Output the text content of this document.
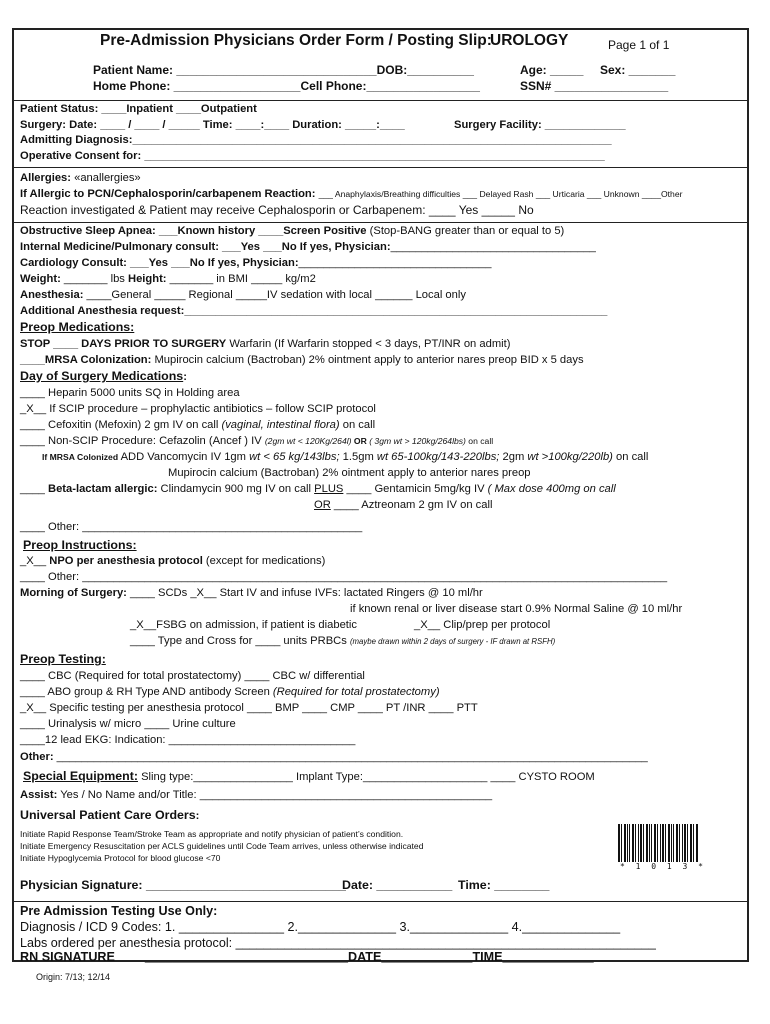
Pre-Admission Physicians Order Form / Posting Slip:
UROLOGY	Page 1 of 1
Patient Name: ______________________________DOB:__________	Age: _____ Sex: _______
Home Phone: ___________________Cell Phone:_________________	SSN# _________________
Patient Status: ____Inpatient ____Outpatient
Surgery: Date: ____ / ____ / _____ Time: ____:____ Duration: _____:____	Surgery Facility: _____________
Admitting Diagnosis:_____________________________________________________________________________
Operative Consent for: __________________________________________________________________________
Allergies: «anallergies»
If Allergic to PCN/Cephalosporin/carbapenem Reaction: ___ Anaphylaxis/Breathing difficulties ___ Delayed Rash ___ Urticaria ___ Unknown ____Other
Reaction investigated & Patient may receive Cephalosporin or Carbapenem: ____ Yes _____ No
Obstructive Sleep Apnea: ___Known history ____Screen Positive (Stop-BANG greater than or equal to 5)
Internal Medicine/Pulmonary consult: ___Yes ___No If yes, Physician:_________________________________
Cardiology Consult: ___Yes ___No If yes, Physician:_______________________________
Weight: _______ lbs Height: _______ in BMI _____ kg/m2
Anesthesia: ____General _____ Regional _____IV sedation with local ______ Local only
Additional Anesthesia request:____________________________________________________________________
Preop Medications:
STOP ____ DAYS PRIOR TO SURGERY Warfarin (If Warfarin stopped < 3 days, PT/INR on admit)
____MRSA Colonization: Mupirocin calcium (Bactroban) 2% ointment apply to anterior nares preop BID x 5 days
Day of Surgery Medications:
____ Heparin 5000 units SQ in Holding area
_X__ If SCIP procedure – prophylactic antibiotics – follow SCIP protocol
____ Cefoxitin (Mefoxin) 2 gm IV on call (vaginal, intestinal flora) on call
____ Non-SCIP Procedure: Cefazolin (Ancef ) IV (2gm wt < 120Kg/264l) OR ( 3gm wt > 120kg/264lbs) on call
If MRSA Colonized ADD Vancomycin IV 1gm wt < 65 kg/143lbs; 1.5gm wt 65-100kg/143-220lbs; 2gm wt >100kg/220lb) on call
Mupirocin calcium (Bactroban) 2% ointment apply to anterior nares preop
____ Beta-lactam allergic: Clindamycin 900 mg IV on call PLUS ____ Gentamicin 5mg/kg IV ( Max dose 400mg on call
OR ____ Aztreonam 2 gm IV on call
____ Other: _____________________________________________
Preop Instructions:
_X__ NPO per anesthesia protocol (except for medications)
____ Other: ______________________________________________________________________________________________
Morning of Surgery: ____ SCDs _X__ Start IV and infuse IVFs: lactated Ringers @ 10 ml/hr
if known renal or liver disease start 0.9% Normal Saline @ 10 ml/hr
_X__FSBG on admission, if patient is diabetic	_X__ Clip/prep per protocol
____ Type and Cross for ____ units PRBCs (maybe drawn within 2 days of surgery - IF drawn at RSFH)
Preop Testing:
____ CBC (Required for total prostatectomy) ____ CBC w/ differential
____ ABO group & RH Type AND antibody Screen (Required for total prostatectomy)
_X__ Specific testing per anesthesia protocol ____ BMP ____ CMP ____ PT /INR ____ PTT
____ Urinalysis w/ micro ____ Urine culture
____12 lead EKG: Indication: ______________________________
Other: _______________________________________________________________________________________________
Special Equipment: Sling type:________________ Implant Type:____________________ ____ CYSTO ROOM
Assist: Yes / No Name and/or Title: _______________________________________________
Universal Patient Care Orders:
Initiate Rapid Response Team/Stroke Team as appropriate and notify physician of patient’s condition.
Initiate Emergency Resuscitation per ACLS guidelines until Code Team arrives, unless otherwise indicated
Initiate Hypoglycemia Protocol for blood glucose <70
Physician Signature: _____________________________
Date: ___________ Time: ________
Pre Admission Testing Use Only:
Diagnosis / ICD 9 Codes: 1. _______________ 2.______________ 3.______________ 4.______________
Labs ordered per anesthesia protocol: ____________________________________________________________
RN SIGNATURE _____________________________DATE_____________TIME_____________
* 1 0 1 3 *
Origin: 7/13; 12/14
